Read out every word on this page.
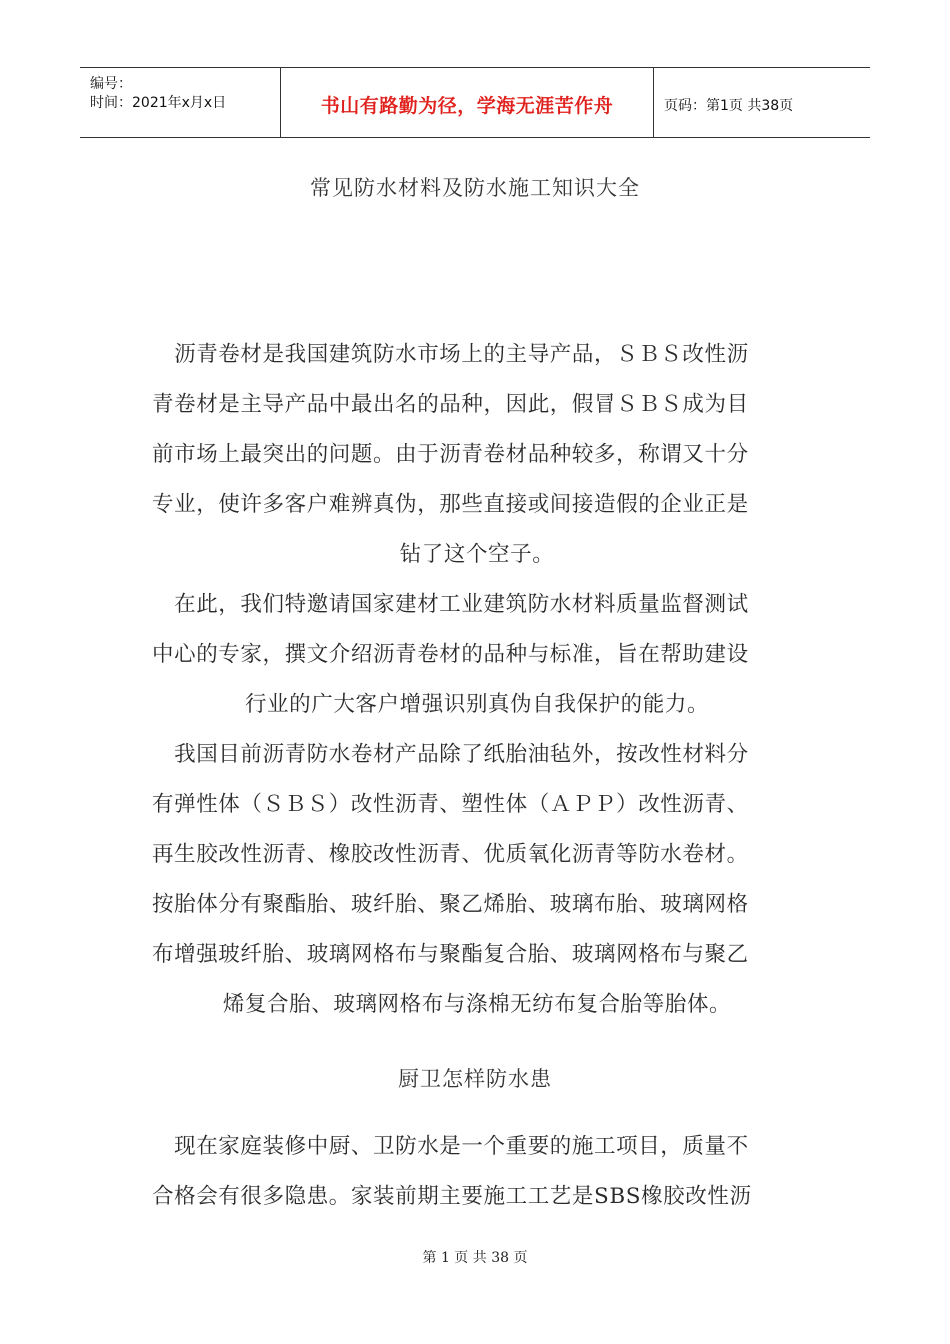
编号：
时间：2021年x月x日	书山有路勤为径，学海无涯苦作舟	页码：第1页 共38页
常见防水材料及防水施工知识大全
　沥青卷材是我国建筑防水市场上的主导产品，ＳＢＳ改性沥
青卷材是主导产品中最出名的品种，因此，假冒ＳＢＳ成为目
前市场上最突出的问题。由于沥青卷材品种较多，称谓又十分
专业，使许多客户难辨真伪，那些直接或间接造假的企业正是
钻了这个空子。
　在此，我们特邀请国家建材工业建筑防水材料质量监督测试
中心的专家，撰文介绍沥青卷材的品种与标准，旨在帮助建设
行业的广大客户增强识别真伪自我保护的能力。
　我国目前沥青防水卷材产品除了纸胎油毡外，按改性材料分
有弹性体（ＳＢＳ）改性沥青、塑性体（ＡＰＰ）改性沥青、
再生胶改性沥青、橡胶改性沥青、优质氧化沥青等防水卷材。
按胎体分有聚酯胎、玻纤胎、聚乙烯胎、玻璃布胎、玻璃网格
布增强玻纤胎、玻璃网格布与聚酯复合胎、玻璃网格布与聚乙
烯复合胎、玻璃网格布与涤棉无纺布复合胎等胎体。
厨卫怎样防水患
　现在家庭装修中厨、卫防水是一个重要的施工项目，质量不
合格会有很多隐患。家装前期主要施工工艺是SBS橡胶改性沥
第 1 页 共 38 页
